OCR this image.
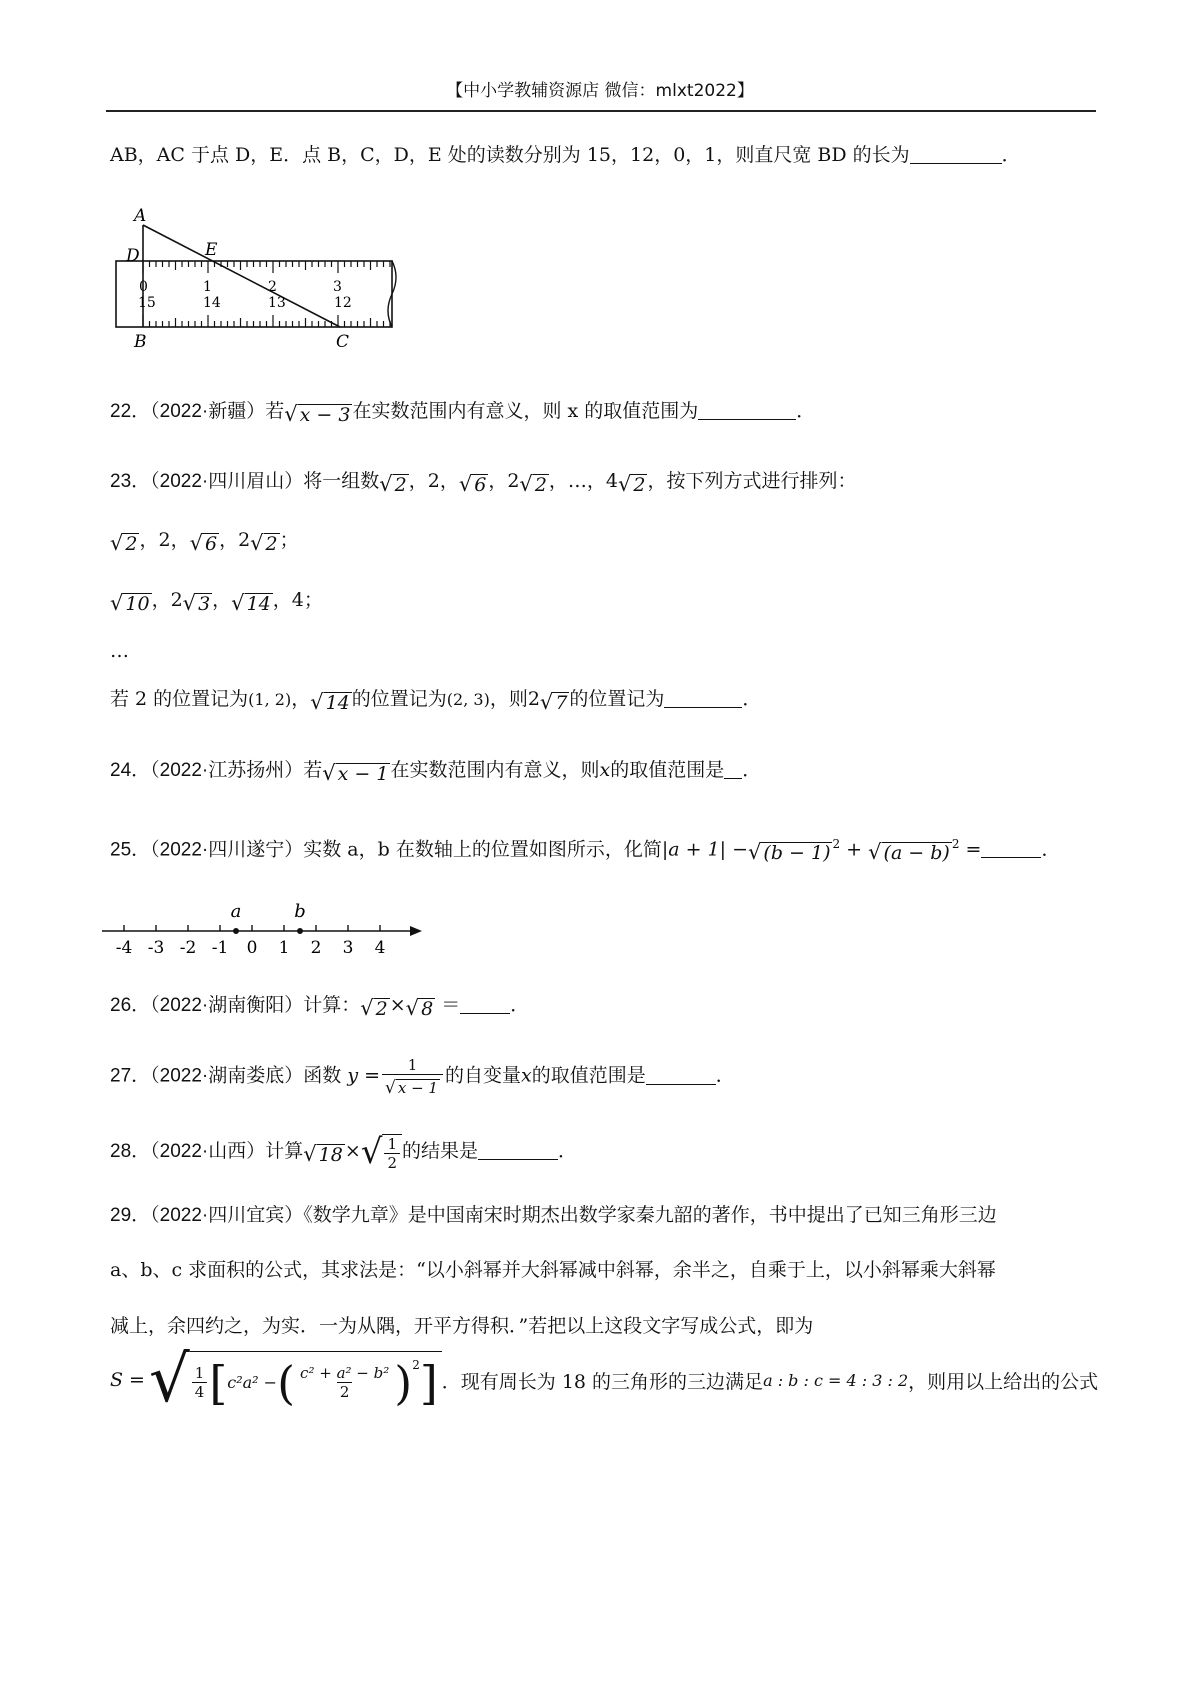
【中小学教辅资源店 微信：mlxt2022】
AB，AC 于点 D，E．点 B，C，D，E 处的读数分别为 15，12，0，1，则直尺宽 BD 的长为	．
A
D	E
B	C
0	1	2	3
15	14	13	12
22．（2022·新疆）若 √ x − 3 在实数范围内有意义，则 x 的取值范围为	．
23．（2022·四川眉山）将一组数 √ 2 ，2， √ 6 ，2 √ 2 ，…，4 √ 2 ，按下列方式进行排列：
√ 2 ，2， √ 6 ，2 √ 2 ；
√ 10 ，2 √ 3 ， √ 14 ，4；
…
若 2 的位置记为(1, 2)， √ 14 的位置记为(2, 3)，则2 √ 7 的位置记为	．
24．（2022·江苏扬州）若 √ x − 1 在实数范围内有意义，则x的取值范围是 ．
25．（2022·四川遂宁）实数 a，b 在数轴上的位置如图所示，化简|a + 1| − √ (b − 1) $^2$ + √ (a − b) $^2$ =	．
-4 -3 -2 -1 0 1 2 3 4
a	b
26．（2022·湖南衡阳）计算： √ 2 × √ 8 ＝	．
27．（2022·湖南娄底）函数 $y = \frac{1}{√ x - 1}$ 的自变量x的取值范围是	．
28．（2022·山西）计算 √ 18 × √ $\frac{1}{2}$ 的结果是	．
29．（2022·四川宜宾）《数学九章》是中国南宋时期杰出数学家秦九韶的著作，书中提出了已知三角形三边
a、b、c 求面积的公式，其求法是：“以小斜幂并大斜幂减中斜幂，余半之，自乘于上，以小斜幂乘大斜幂
减上，余四约之，为实．一为从隅，开平方得积．”若把以上这段文字写成公式，即为
S = √ $\frac{1}{4}$ [ c²a² − ( $\frac{\text{c² + a² − b²}}{2} )^2$ ] ．现有周长为 18 的三角形的三边满足 a : b : c = 4 : 3 : 2 ，则用以上给出的公式
